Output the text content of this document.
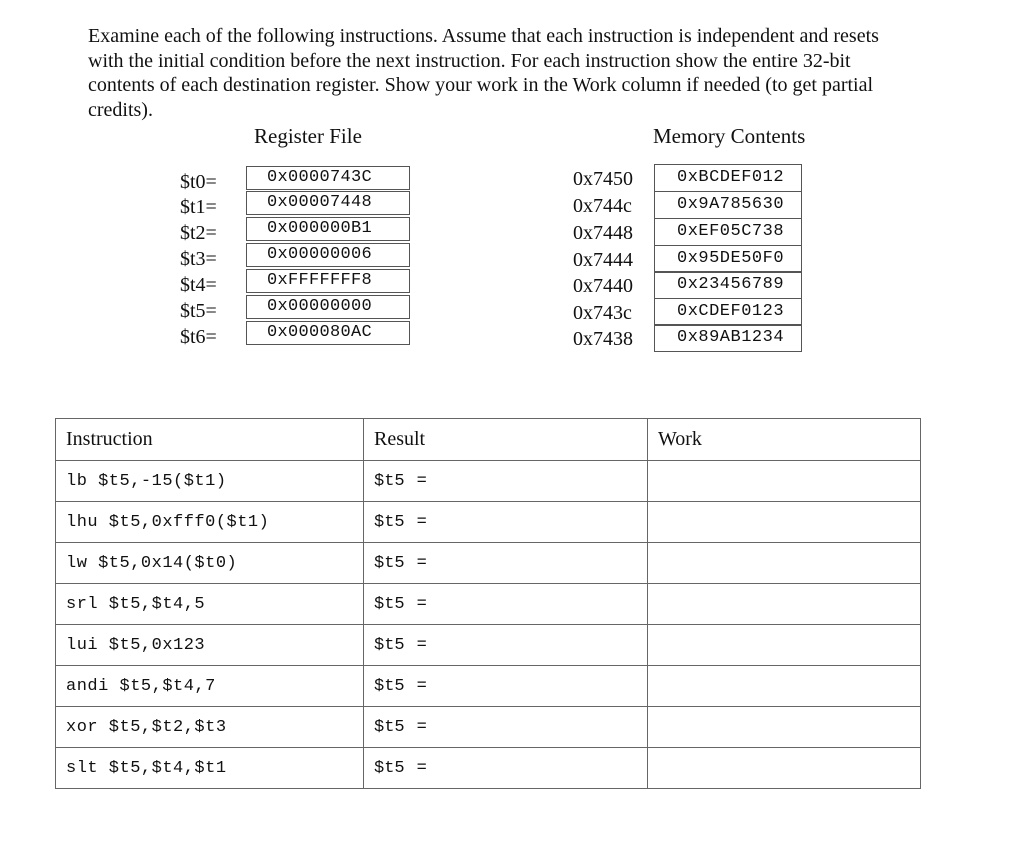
Examine each of the following instructions. Assume that each instruction is independent and resets with the initial condition before the next instruction. For each instruction show the entire 32-bit contents of each destination register. Show your work in the Work column if needed (to get partial credits).

Register File	Memory Contents
$t0=	0x0000743C
$t1=	0x00007448
$t2=	0x000000B1
$t3=	0x00000006
$t4=	0xFFFFFFF8
$t5=	0x00000000
$t6=	0x000080AC
0x7450	0xBCDEF012
0x744c	0x9A785630
0x7448	0xEF05C738
0x7444	0x95DE50F0
0x7440	0x23456789
0x743c	0xCDEF0123
0x7438	0x89AB1234
Instruction	Result	Work
lb $t5,-15($t1)	$t5 =	
lhu $t5,0xfff0($t1)	$t5 =	
lw $t5,0x14($t0)	$t5 =	
srl $t5,$t4,5	$t5 =	
lui $t5,0x123	$t5 =	
andi $t5,$t4,7	$t5 =	
xor $t5,$t2,$t3	$t5 =	
slt $t5,$t4,$t1	$t5 =	
